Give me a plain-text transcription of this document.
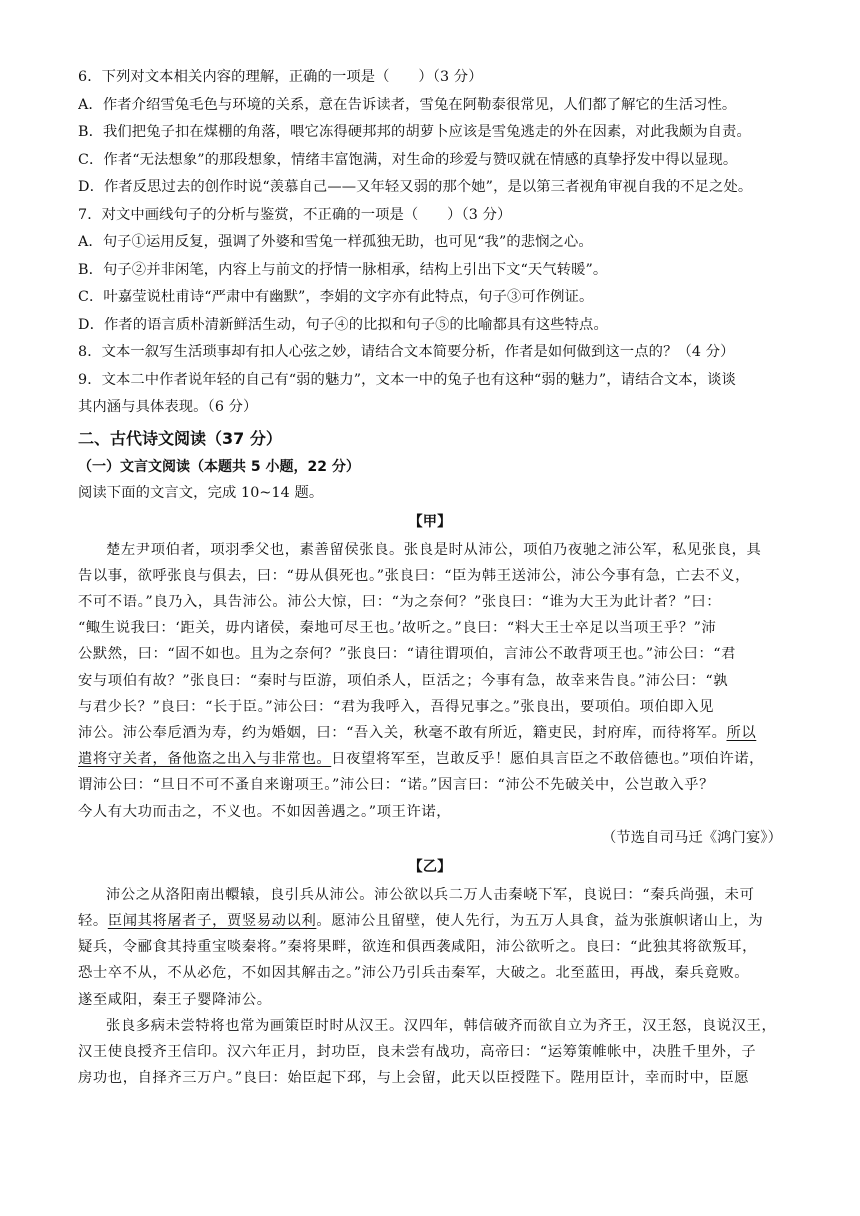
6．下列对文本相关内容的理解，正确的一项是（　　）（3 分）
A．作者介绍雪兔毛色与环境的关系，意在告诉读者，雪兔在阿勒泰很常见，人们都了解它的生活习性。
B．我们把兔子扣在煤棚的角落，喂它冻得硬邦邦的胡萝卜应该是雪兔逃走的外在因素，对此我颇为自责。
C．作者“无法想象”的那段想象，情绪丰富饱满，对生命的珍爱与赞叹就在情感的真挚抒发中得以显现。
D．作者反思过去的创作时说“羡慕自己——又年轻又弱的那个她”，是以第三者视角审视自我的不足之处。
7．对文中画线句子的分析与鉴赏，不正确的一项是（　　）（3 分）
A．句子①运用反复，强调了外婆和雪兔一样孤独无助，也可见“我”的悲悯之心。
B．句子②并非闲笔，内容上与前文的抒情一脉相承，结构上引出下文“天气转暖”。
C．叶嘉莹说杜甫诗“严肃中有幽默”，李娟的文字亦有此特点，句子③可作例证。
D．作者的语言质朴清新鲜活生动，句子④的比拟和句子⑤的比喻都具有这些特点。
8．文本一叙写生活琐事却有扣人心弦之妙，请结合文本简要分析，作者是如何做到这一点的？（4 分）
9．文本二中作者说年轻的自己有“弱的魅力”，文本一中的兔子也有这种“弱的魅力”，请结合文本，谈谈
其内涵与具体表现。（6 分）
二、古代诗文阅读（37 分）
（一）文言文阅读（本题共 5 小题，22 分）
阅读下面的文言文，完成 10~14 题。
【甲】
楚左尹项伯者，项羽季父也，素善留侯张良。张良是时从沛公，项伯乃夜驰之沛公军，私见张良，具
告以事，欲呼张良与俱去，曰：“毋从俱死也。”张良曰：“臣为韩王送沛公，沛公今事有急，亡去不义，
不可不语。”良乃入，具告沛公。沛公大惊，曰：“为之奈何？”张良曰：“谁为大王为此计者？”曰：
“鲰生说我曰：‘距关，毋内诸侯，秦地可尽王也。’故听之。”良曰：“料大王士卒足以当项王乎？”沛
公默然，曰：“固不如也。且为之奈何？”张良曰：“请往谓项伯，言沛公不敢背项王也。”沛公曰：“君
安与项伯有故？”张良曰：“秦时与臣游，项伯杀人，臣活之；今事有急，故幸来告良。”沛公曰：“孰
与君少长？”良曰：“长于臣。”沛公曰：“君为我呼入，吾得兄事之。”张良出，要项伯。项伯即入见
沛公。沛公奉卮酒为寿，约为婚姻，曰：“吾入关，秋毫不敢有所近，籍吏民，封府库，而待将军。所以
遣将守关者，备他盗之出入与非常也。日夜望将军至，岂敢反乎！愿伯具言臣之不敢倍德也。”项伯许诺，
谓沛公曰：“旦日不可不蚤自来谢项王。”沛公曰：“诺。”因言曰：“沛公不先破关中，公岂敢入乎？
今人有大功而击之，不义也。不如因善遇之。”项王许诺，
（节选自司马迁《鸿门宴》）
【乙】
沛公之从洛阳南出轘辕，良引兵从沛公。沛公欲以兵二万人击秦峣下军，良说曰：“秦兵尚强，未可
轻。臣闻其将屠者子，贾竖易动以利。愿沛公且留壁，使人先行，为五万人具食，益为张旗帜诸山上，为
疑兵，令郦食其持重宝啖秦将。”秦将果畔，欲连和俱西袭咸阳，沛公欲听之。良曰：“此独其将欲叛耳，
恐士卒不从，不从必危，不如因其解击之。”沛公乃引兵击秦军，大破之。北至蓝田，再战，秦兵竟败。
遂至咸阳，秦王子婴降沛公。
张良多病未尝特将也常为画策臣时时从汉王。汉四年，韩信破齐而欲自立为齐王，汉王怒，良说汉王，
汉王使良授齐王信印。汉六年正月，封功臣，良未尝有战功，高帝曰：“运筹策帷帐中，决胜千里外，子
房功也，自择齐三万户。”良曰：始臣起下邳，与上会留，此天以臣授陛下。陛用臣计，幸而时中，臣愿
